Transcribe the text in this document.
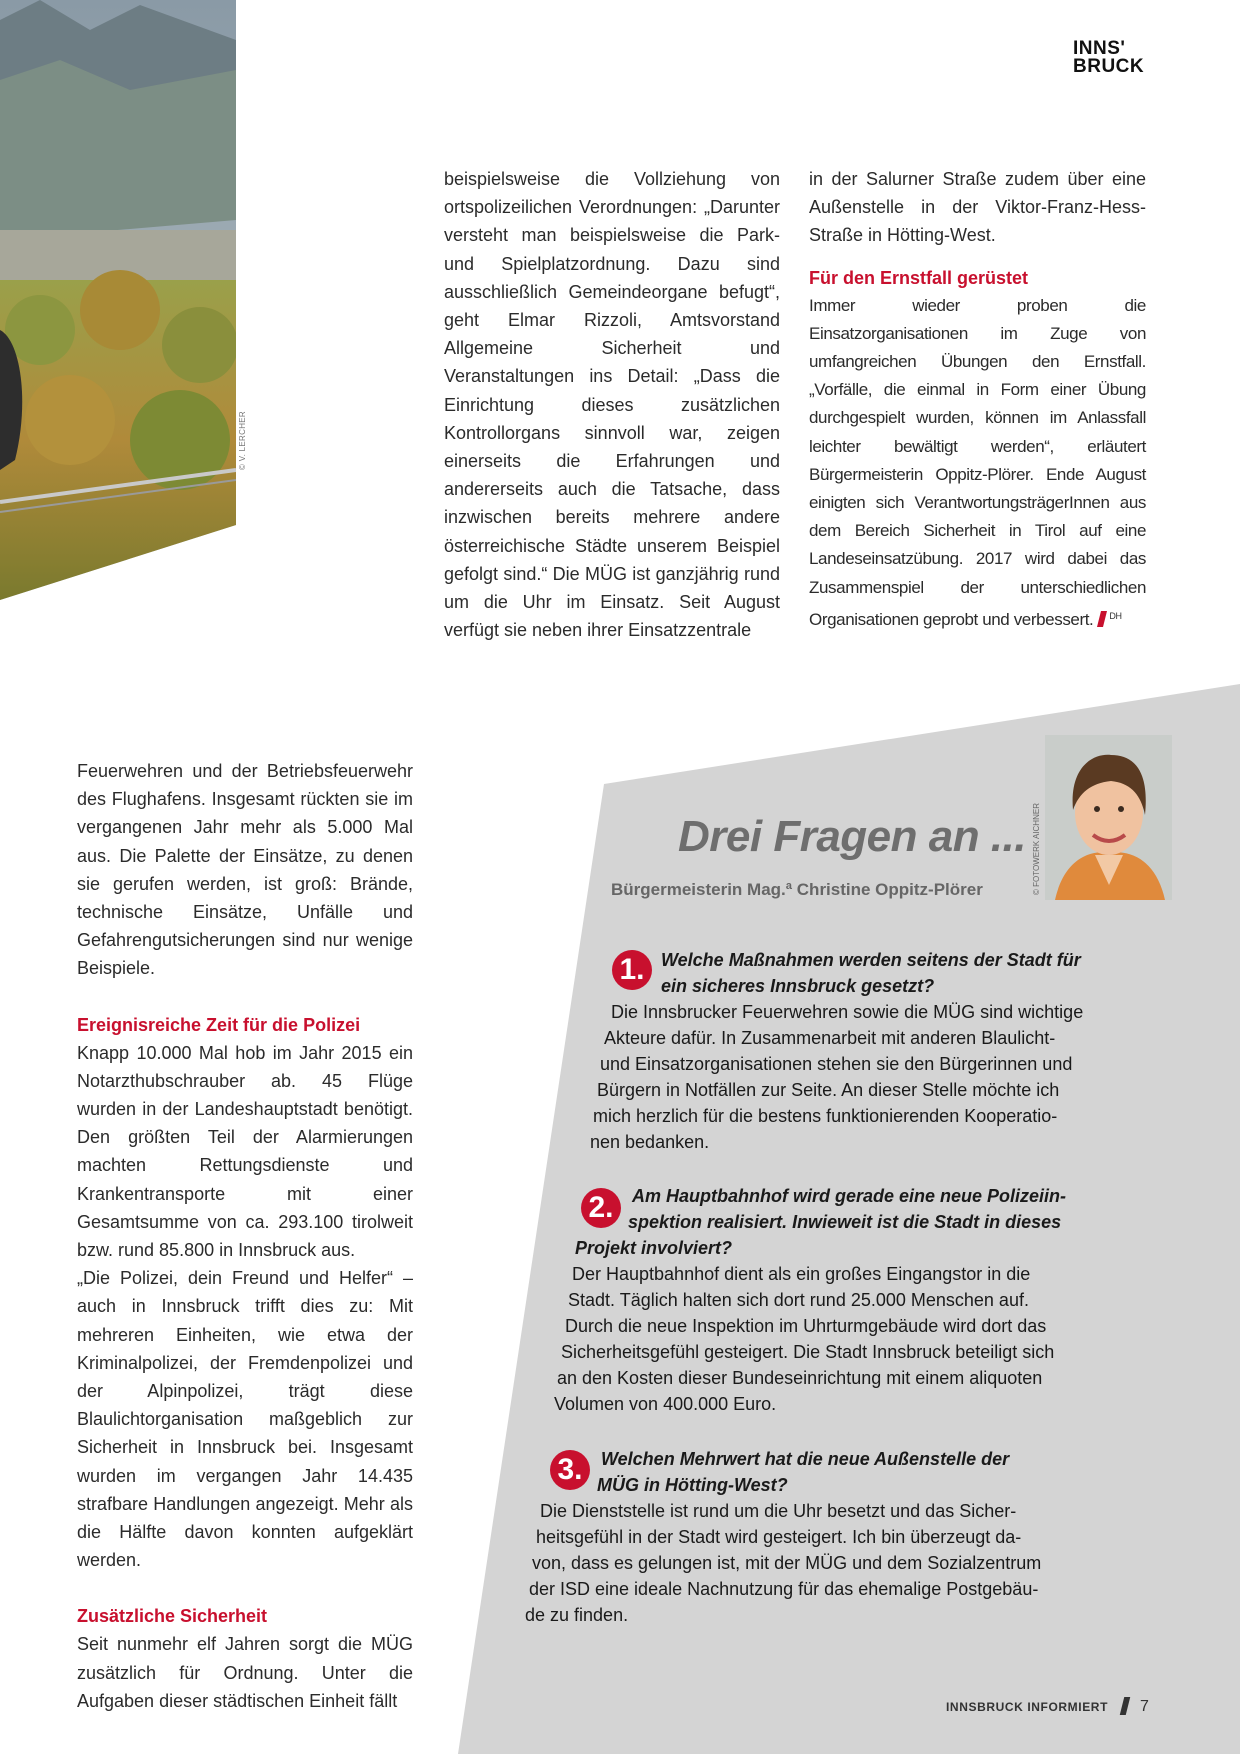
© V. LERCHER
INNS'
BRUCK

beispielsweise die Vollziehung von ortspolizeilichen Verordnungen: „Darunter versteht man beispielsweise die Park- und Spielplatzordnung. Dazu sind ausschließlich Gemeindeorgane befugt“, geht Elmar Rizzoli, Amtsvorstand Allgemeine Sicherheit und Veranstaltungen ins Detail: „Dass die Einrichtung dieses zusätzlichen Kontrollorgans sinnvoll war, zeigen einerseits die Erfahrungen und andererseits auch die Tatsache, dass inzwischen bereits mehrere andere österreichische Städte unserem Beispiel gefolgt sind.“ Die MÜG ist ganzjährig rund um die Uhr im Einsatz. Seit August verfügt sie neben ihrer Einsatzzentrale

in der Salurner Straße zudem über eine Außenstelle in der Viktor-Franz-Hess-Straße in Hötting-West.

Für den Ernstfall gerüstet

Immer wieder proben die Einsatzorganisationen im Zuge von umfangreichen Übungen den Ernstfall. „Vorfälle, die einmal in Form einer Übung durchgespielt wurden, können im Anlassfall leichter bewältigt werden“, erläutert Bürgermeisterin Oppitz-Plörer. Ende August einigten sich VerantwortungsträgerInnen aus dem Bereich Sicherheit in Tirol auf eine Landeseinsatzübung. 2017 wird dabei das Zusammenspiel der unterschiedlichen Organisationen geprobt und verbessert. $^{DH}$

Feuerwehren und der Betriebsfeuerwehr des Flughafens. Insgesamt rückten sie im vergangenen Jahr mehr als 5.000 Mal aus. Die Palette der Einsätze, zu denen sie gerufen werden, ist groß: Brände, technische Einsätze, Unfälle und Gefahrengutsicherungen sind nur wenige Beispiele.

Ereignisreiche Zeit für die Polizei

Knapp 10.000 Mal hob im Jahr 2015 ein Notarzthubschrauber ab. 45 Flüge wurden in der Landeshauptstadt benötigt. Den größten Teil der Alarmierungen machten Rettungsdienste und Krankentransporte mit einer Gesamtsumme von ca. 293.100 tirolweit bzw. rund 85.800 in Innsbruck aus.

„Die Polizei, dein Freund und Helfer“ – auch in Innsbruck trifft dies zu: Mit mehreren Einheiten, wie etwa der Kriminalpolizei, der Fremdenpolizei und der Alpinpolizei, trägt diese Blaulichtorganisation maßgeblich zur Sicherheit in Innsbruck bei. Insgesamt wurden im vergangen Jahr 14.435 strafbare Handlungen angezeigt. Mehr als die Hälfte davon konnten aufgeklärt werden.

Zusätzliche Sicherheit

Seit nunmehr elf Jahren sorgt die MÜG zusätzlich für Ordnung. Unter die Aufgaben dieser städtischen Einheit fällt

© FOTOWERK AICHNER
Drei Fragen an ...
Bürgermeisterin Mag.ª Christine Oppitz-Plörer
1. Welche Maßnahmen werden seitens der Stadt für
ein sicheres Innsbruck gesetzt?
Die Innsbrucker Feuerwehren sowie die MÜG sind wichtige
Akteure dafür. In Zusammenarbeit mit anderen Blaulicht-
und Einsatzorganisationen stehen sie den Bürgerinnen und
Bürgern in Notfällen zur Seite. An dieser Stelle möchte ich
mich herzlich für die bestens funktionierenden Kooperatio-
nen bedanken.
2.	Am Hauptbahnhof wird gerade eine neue Polizeiin-
spektion realisiert. Inwieweit ist die Stadt in dieses
Projekt involviert?
Der Hauptbahnhof dient als ein großes Eingangstor in die
Stadt. Täglich halten sich dort rund 25.000 Menschen auf.
Durch die neue Inspektion im Uhrturmgebäude wird dort das
Sicherheitsgefühl gesteigert. Die Stadt Innsbruck beteiligt sich
an den Kosten dieser Bundeseinrichtung mit einem aliquoten
Volumen von 400.000 Euro.
3.	Welchen Mehrwert hat die neue Außenstelle der
MÜG in Hötting-West?
Die Dienststelle ist rund um die Uhr besetzt und das Sicher-
heitsgefühl in der Stadt wird gesteigert. Ich bin überzeugt da-
von, dass es gelungen ist, mit der MÜG und dem Sozialzentrum
der ISD eine ideale Nachnutzung für das ehemalige Postgebäu-
de zu finden.
INNSBRUCK INFORMIERT 7
